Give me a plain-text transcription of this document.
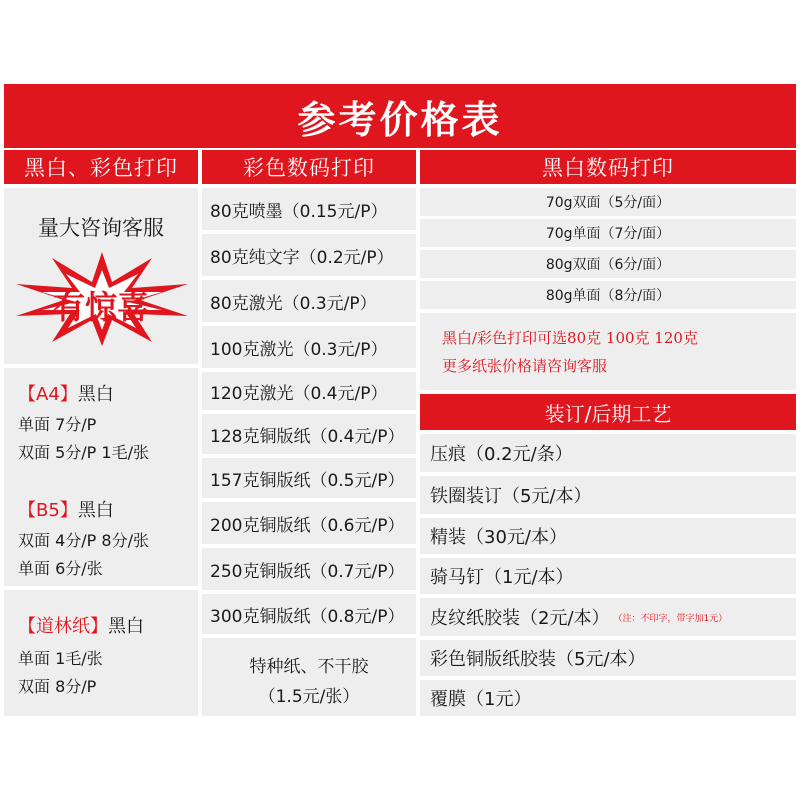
参考价格表
黑白、彩色打印	彩色数码打印	黑白数码打印
量大咨询客服
有惊喜
【A4】黑白
单面 7分/P
双面 5分/P 1毛/张
【B5】黑白
双面 4分/P 8分/张
单面 6分/张
【道林纸】黑白
单面 1毛/张
双面 8分/P
80克喷墨（0.15元/P）
80克纯文字（0.2元/P）
80克激光（0.3元/P）
100克激光（0.3元/P）
120克激光（0.4元/P）
128克铜版纸（0.4元/P）
157克铜版纸（0.5元/P）
200克铜版纸（0.6元/P）
250克铜版纸（0.7元/P）
300克铜版纸（0.8元/P）
特种纸、不干胶
（1.5元/张）
70g双面（5分/面）
70g单面（7分/面）
80g双面（6分/面）
80g单面（8分/面）
黑白/彩色打印可选80克 100克 120克
更多纸张价格请咨询客服
装订/后期工艺
压痕（0.2元/条）
铁圈装订（5元/本）
精装（30元/本）
骑马钉（1元/本）
皮纹纸胶装（2元/本） （注：不印字，带字加1元）
彩色铜版纸胶装（5元/本）
覆膜（1元）
